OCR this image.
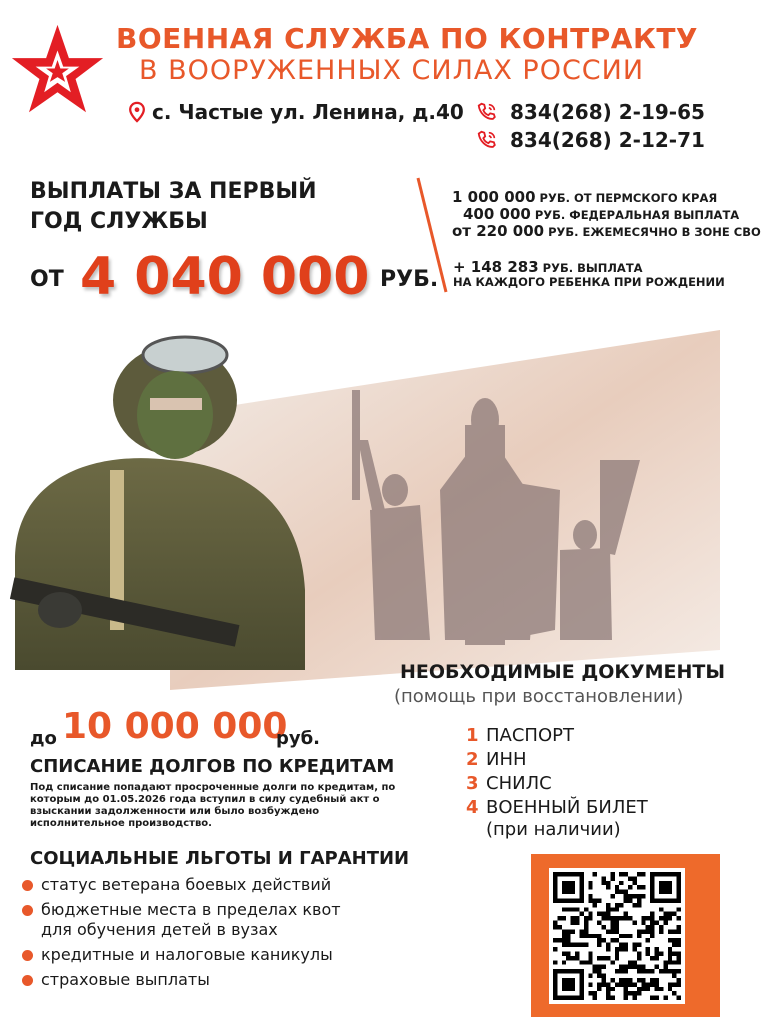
ВОЕННАЯ СЛУЖБА ПО КОНТРАКТУ
В ВООРУЖЕННЫХ СИЛАХ РОССИИ
с. Частые ул. Ленина, д.40 834(268) 2-19-65
834(268) 2-12-71
ВЫПЛАТЫ ЗА ПЕРВЫЙ
ГОД СЛУЖБЫ
ОТ 4 040 000 РУБ.
1 000 000 РУБ. ОТ ПЕРМСКОГО КРАЯ
400 000 РУБ. ФЕДЕРАЛЬНАЯ ВЫПЛАТА
от 220 000 РУБ. ЕЖЕМЕСЯЧНО В ЗОНЕ СВО
+ 148 283 РУБ. ВЫПЛАТА
НА КАЖДОГО РЕБЕНКА ПРИ РОЖДЕНИИ
НЕОБХОДИМЫЕ ДОКУМЕНТЫ
(помощь при восстановлении)
1 ПАСПОРТ
2 ИНН
3 СНИЛС
4 ВОЕННЫЙ БИЛЕТ
(при наличии)
до 10 000 000
руб.
СПИСАНИЕ ДОЛГОВ ПО КРЕДИТАМ
Под списание попадают просроченные долги по кредитам, по которым до 01.05.2026 года вступил в силу судебный акт о взыскании задолженности или было возбуждено исполнительное производство.
СОЦИАЛЬНЫЕ ЛЬГОТЫ И ГАРАНТИИ
статус ветерана боевых действий
бюджетные места в пределах квот
для обучения детей в вузах
кредитные и налоговые каникулы
страховые выплаты
